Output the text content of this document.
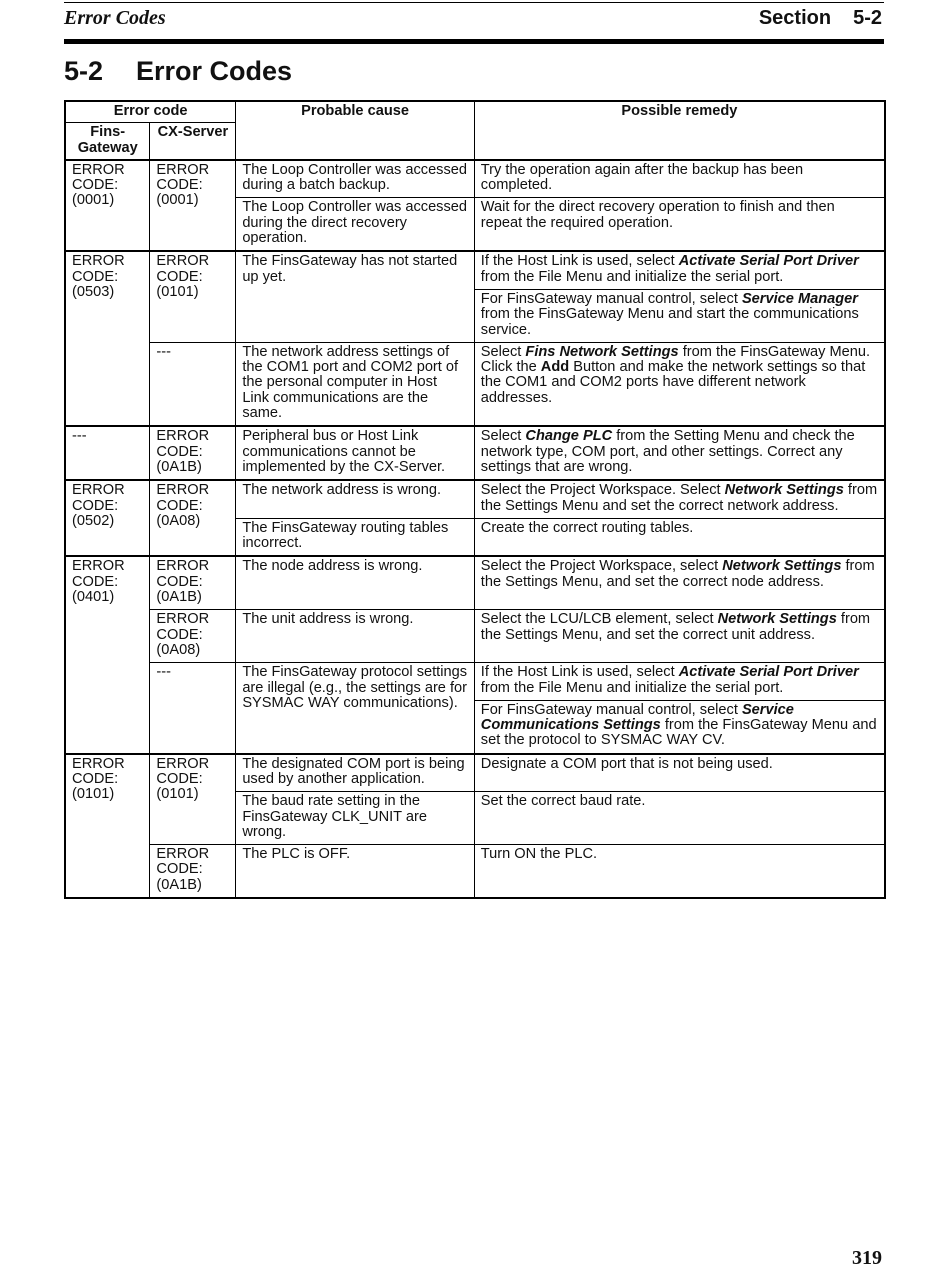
Error Codes	Section 5-2
5-2 Error Codes
Error code		Probable cause	Possible remedy
Fins-Gateway	CX-Server		
ERROR CODE: (0001)	ERROR CODE: (0001)	The Loop Controller was accessed during a batch backup.	Try the operation again after the backup has been completed.
		The Loop Controller was accessed during the direct recovery operation.	Wait for the direct recovery operation to finish and then repeat the required operation.
ERROR CODE: (0503)	ERROR CODE: (0101)	The FinsGateway has not started up yet.	If the Host Link is used, select Activate Serial Port Driver from the File Menu and initialize the serial port.
			For FinsGateway manual control, select Service Manager from the FinsGateway Menu and start the communications service.
	---	The network address settings of the COM1 port and COM2 port of the personal computer in Host Link communications are the same.	Select Fins Network Settings from the FinsGateway Menu. Click the Add Button and make the network settings so that the COM1 and COM2 ports have different network addresses.
---	ERROR CODE: (0A1B)	Peripheral bus or Host Link communications cannot be implemented by the CX-Server.	Select Change PLC from the Setting Menu and check the network type, COM port, and other settings. Correct any settings that are wrong.
ERROR CODE: (0502)	ERROR CODE: (0A08)	The network address is wrong.	Select the Project Workspace. Select Network Settings from the Settings Menu and set the correct network address.
		The FinsGateway routing tables incorrect.	Create the correct routing tables.
ERROR CODE: (0401)	ERROR CODE: (0A1B)	The node address is wrong.	Select the Project Workspace, select Network Settings from the Settings Menu, and set the correct node address.
	ERROR CODE: (0A08)	The unit address is wrong.	Select the LCU/LCB element, select Network Settings from the Settings Menu, and set the correct unit address.
	---	The FinsGateway protocol settings are illegal (e.g., the settings are for SYSMAC WAY communications).	If the Host Link is used, select Activate Serial Port Driver from the File Menu and initialize the serial port.
			For FinsGateway manual control, select Service Communications Settings from the FinsGateway Menu and set the protocol to SYSMAC WAY CV.
ERROR CODE: (0101)	ERROR CODE: (0101)	The designated COM port is being used by another application.	Designate a COM port that is not being used.
		The baud rate setting in the FinsGateway CLK_UNIT are wrong.	Set the correct baud rate.
	ERROR CODE: (0A1B)	The PLC is OFF.	Turn ON the PLC.
319
